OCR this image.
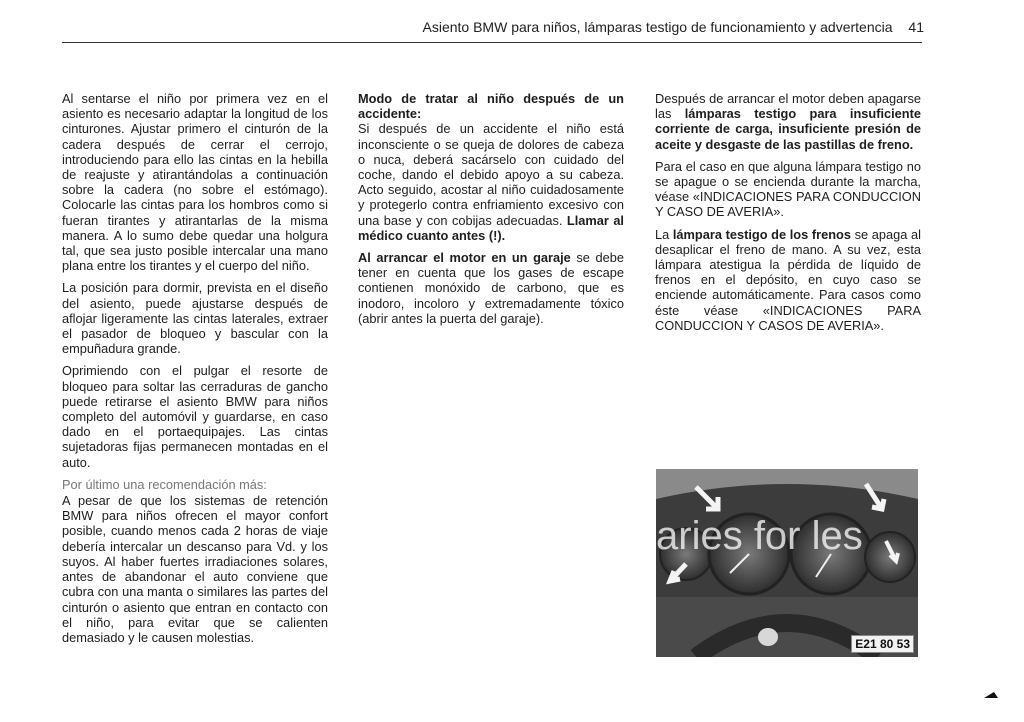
Asiento BMW para niños, lámparas testigo de funcionamiento y advertencia 41

Al sentarse el niño por primera vez en el asiento es necesario adaptar la longitud de los cinturones. Ajustar primero el cinturón de la cadera después de cerrar el cerrojo, introduciendo para ello las cintas en la hebilla de reajuste y atirantándolas a continuación sobre la cadera (no sobre el estómago). Colocarle las cintas para los hombros como si fueran tirantes y atirantarlas de la misma manera. A lo sumo debe quedar una holgura tal, que sea justo posible intercalar una mano plana entre los tirantes y el cuerpo del niño.

La posición para dormir, prevista en el diseño del asiento, puede ajustarse después de aflojar ligeramente las cintas laterales, extraer el pasador de bloqueo y bascular con la empuñadura grande.

Oprimiendo con el pulgar el resorte de bloqueo para soltar las cerraduras de gancho puede retirarse el asiento BMW para niños completo del automóvil y guardarse, en caso dado en el portaequipajes. Las cintas sujetadoras fijas permanecen montadas en el auto.

Por último una recomendación más:

A pesar de que los sistemas de retención BMW para niños ofrecen el mayor confort posible, cuando menos cada 2 horas de viaje debería intercalar un descanso para Vd. y los suyos. Al haber fuertes irradiaciones solares, antes de abandonar el auto conviene que cubra con una manta o similares las partes del cinturón o asiento que entran en contacto con el niño, para evitar que se calienten demasiado y le causen molestias.

Modo de tratar al niño después de un accidente:

Si después de un accidente el niño está inconsciente o se queja de dolores de cabeza o nuca, deberá sacárselo con cuidado del coche, dando el debido apoyo a su cabeza. Acto seguido, acostar al niño cuidadosamente y protegerlo contra enfriamiento excesivo con una base y con cobijas adecuadas. Llamar al médico cuanto antes (!).

Al arrancar el motor en un garaje se debe tener en cuenta que los gases de escape contienen monóxido de carbono, que es inodoro, incoloro y extremadamente tóxico (abrir antes la puerta del garaje).

Después de arrancar el motor deben apagarse las lámparas testigo para insuficiente corriente de carga, insuficiente presión de aceite y desgaste de las pastillas de freno.

Para el caso en que alguna lámpara testigo no se apague o se encienda durante la marcha, véase «INDICACIONES PARA CONDUCCION Y CASO DE AVERIA».

La lámpara testigo de los frenos se apaga al desaplicar el freno de mano. A su vez, esta lámpara atestigua la pérdida de líquido de frenos en el depósito, en cuyo caso se enciende automáticamente. Para casos como éste véase «INDICACIONES PARA CONDUCCION Y CASOS DE AVERIA».

aries for les
E21 80 53
